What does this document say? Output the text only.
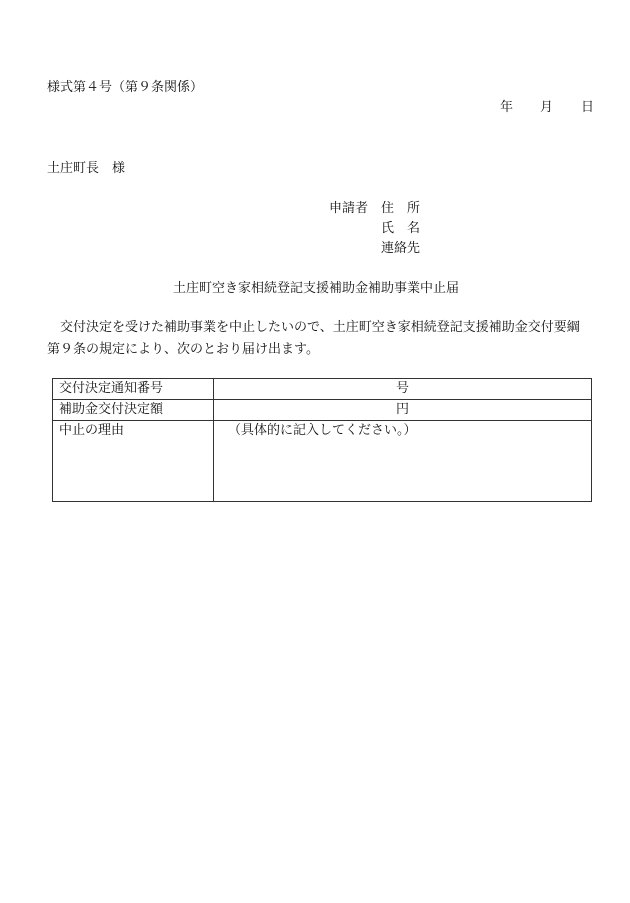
様式第４号（第９条関係）
年 月 日
土庄町長　様
申請者 住　所
氏　名
連絡先
土庄町空き家相続登記支援補助金補助事業中止届
　交付決定を受けた補助事業を中止したいので、土庄町空き家相続登記支援補助金交付要綱
第９条の規定により、次のとおり届け出ます。
交付決定通知番号	号
補助金交付決定額	円
中止の理由	（具体的に記入してください。）
